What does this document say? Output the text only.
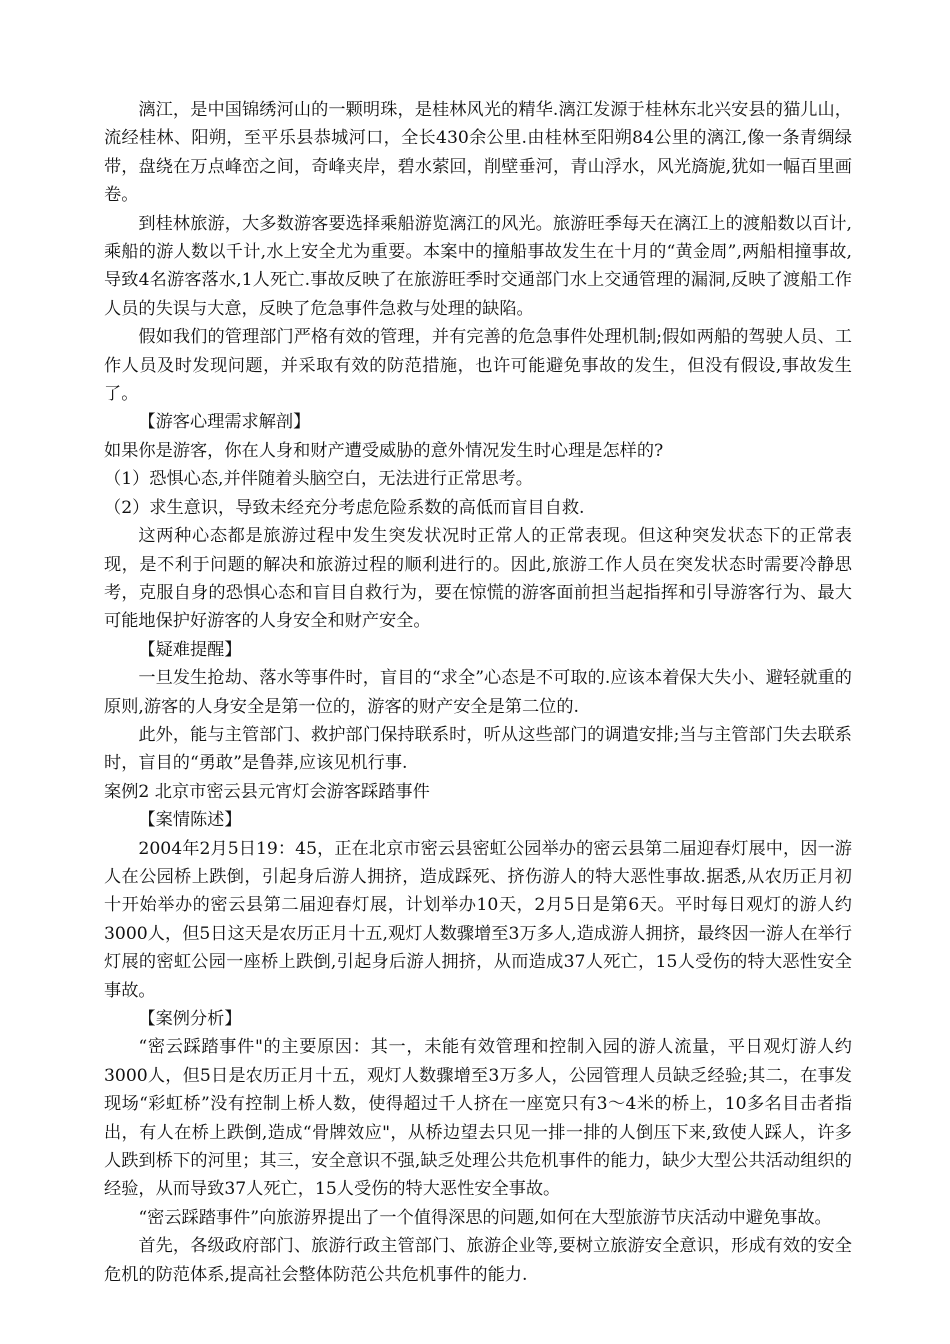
漓江，是中国锦绣河山的一颗明珠，是桂林风光的精华.漓江发源于桂林东北兴安县的猫儿山，流经桂林、阳朔，至平乐县恭城河口，全长430余公里.由桂林至阳朔84公里的漓江,像一条青绸绿带，盘绕在万点峰峦之间，奇峰夹岸，碧水萦回，削壁垂河，青山浮水，风光旖旎,犹如一幅百里画卷。

到桂林旅游，大多数游客要选择乘船游览漓江的风光。旅游旺季每天在漓江上的渡船数以百计,乘船的游人数以千计,水上安全尤为重要。本案中的撞船事故发生在十月的“黄金周”,两船相撞事故,导致4名游客落水,1人死亡.事故反映了在旅游旺季时交通部门水上交通管理的漏洞,反映了渡船工作人员的失误与大意，反映了危急事件急救与处理的缺陷。

假如我们的管理部门严格有效的管理，并有完善的危急事件处理机制;假如两船的驾驶人员、工作人员及时发现问题，并采取有效的防范措施，也许可能避免事故的发生，但没有假设,事故发生了。

【游客心理需求解剖】

如果你是游客，你在人身和财产遭受威胁的意外情况发生时心理是怎样的?

（1）恐惧心态,并伴随着头脑空白，无法进行正常思考。

（2）求生意识，导致未经充分考虑危险系数的高低而盲目自救.

这两种心态都是旅游过程中发生突发状况时正常人的正常表现。但这种突发状态下的正常表现，是不利于问题的解决和旅游过程的顺利进行的。因此,旅游工作人员在突发状态时需要冷静思考，克服自身的恐惧心态和盲目自救行为，要在惊慌的游客面前担当起指挥和引导游客行为、最大可能地保护好游客的人身安全和财产安全。

【疑难提醒】

一旦发生抢劫、落水等事件时，盲目的“求全”心态是不可取的.应该本着保大失小、避轻就重的原则,游客的人身安全是第一位的，游客的财产安全是第二位的.

此外，能与主管部门、救护部门保持联系时，听从这些部门的调遣安排;当与主管部门失去联系时，盲目的“勇敢”是鲁莽,应该见机行事.

案例2 北京市密云县元宵灯会游客踩踏事件

【案情陈述】

2004年2月5日19：45，正在北京市密云县密虹公园举办的密云县第二届迎春灯展中，因一游人在公园桥上跌倒，引起身后游人拥挤，造成踩死、挤伤游人的特大恶性事故.据悉,从农历正月初十开始举办的密云县第二届迎春灯展，计划举办10天，2月5日是第6天。平时每日观灯的游人约3000人，但5日这天是农历正月十五,观灯人数骤增至3万多人,造成游人拥挤，最终因一游人在举行灯展的密虹公园一座桥上跌倒,引起身后游人拥挤，从而造成37人死亡，15人受伤的特大恶性安全事故。

【案例分析】

“密云踩踏事件"的主要原因：其一，未能有效管理和控制入园的游人流量，平日观灯游人约3000人，但5日是农历正月十五，观灯人数骤增至3万多人，公园管理人员缺乏经验;其二，在事发现场“彩虹桥”没有控制上桥人数，使得超过千人挤在一座宽只有3～4米的桥上，10多名目击者指出，有人在桥上跌倒,造成“骨牌效应"，从桥边望去只见一排一排的人倒压下来,致使人踩人，许多人跌到桥下的河里；其三，安全意识不强,缺乏处理公共危机事件的能力，缺少大型公共活动组织的经验，从而导致37人死亡，15人受伤的特大恶性安全事故。

“密云踩踏事件”向旅游界提出了一个值得深思的问题,如何在大型旅游节庆活动中避免事故。

首先，各级政府部门、旅游行政主管部门、旅游企业等,要树立旅游安全意识，形成有效的安全危机的防范体系,提高社会整体防范公共危机事件的能力.
